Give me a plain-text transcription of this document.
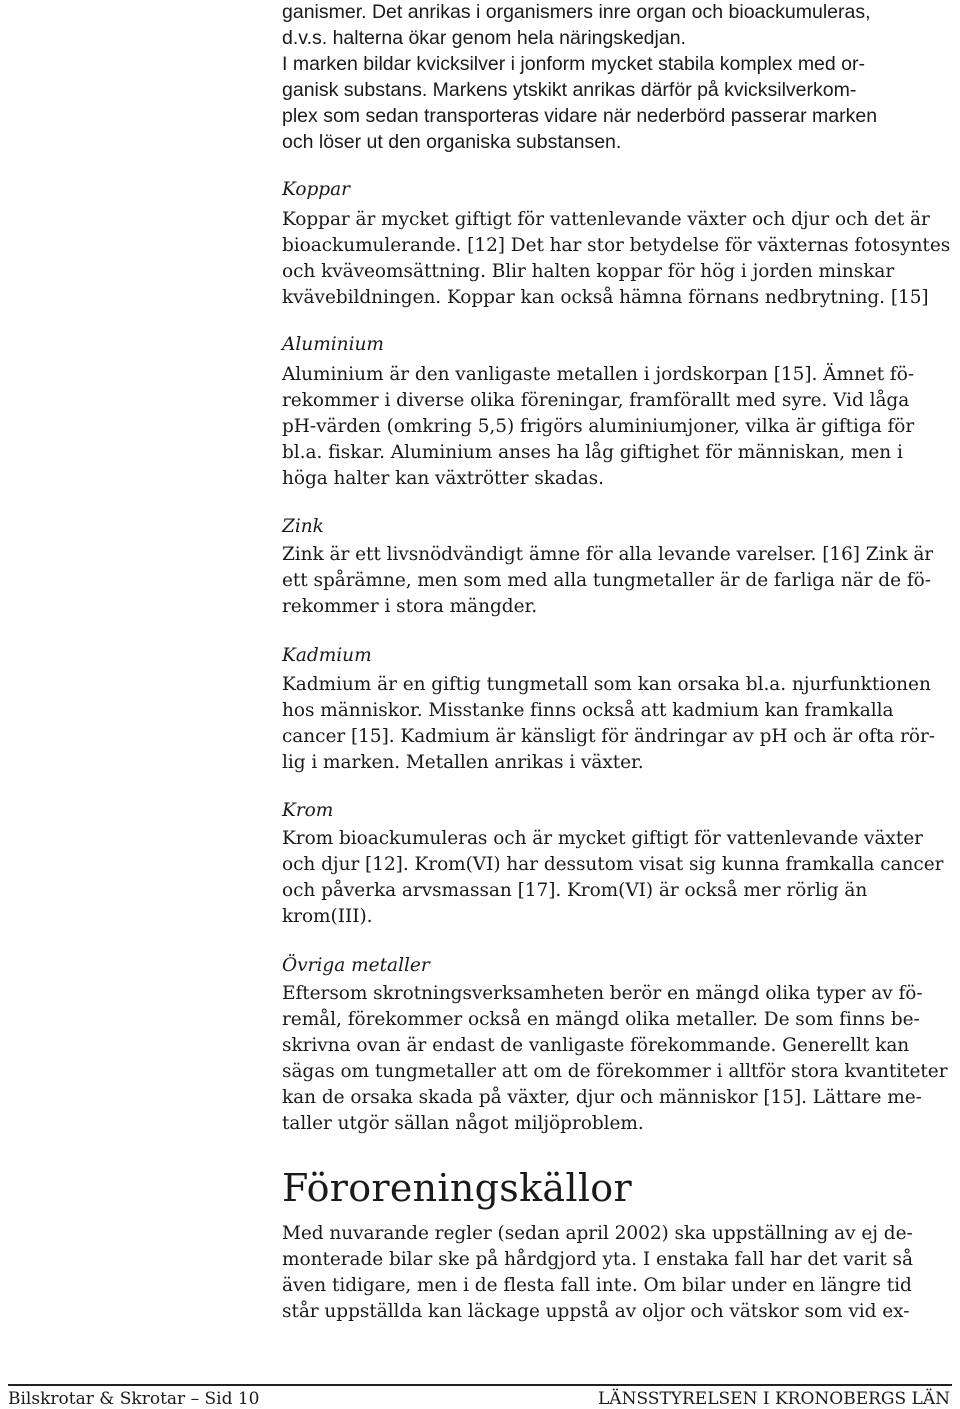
ganismer. Det anrikas i organismers inre organ och bioackumuleras,
d.v.s. halterna ökar genom hela näringskedjan.
I marken bildar kvicksilver i jonform mycket stabila komplex med or-
ganisk substans. Markens ytskikt anrikas därför på kvicksilverkom-
plex som sedan transporteras vidare när nederbörd passerar marken
och löser ut den organiska substansen.

Koppar

Koppar är mycket giftigt för vattenlevande växter och djur och det är
bioackumulerande. [12] Det har stor betydelse för växternas fotosyntes
och kväveomsättning. Blir halten koppar för hög i jorden minskar
kvävebildningen. Koppar kan också hämna förnans nedbrytning. [15]

Aluminium

Aluminium är den vanligaste metallen i jordskorpan [15]. Ämnet fö-
rekommer i diverse olika föreningar, framförallt med syre. Vid låga
pH-värden (omkring 5,5) frigörs aluminiumjoner, vilka är giftiga för
bl.a. fiskar. Aluminium anses ha låg giftighet för människan, men i
höga halter kan växtrötter skadas.

Zink

Zink är ett livsnödvändigt ämne för alla levande varelser. [16] Zink är
ett spårämne, men som med alla tungmetaller är de farliga när de fö-
rekommer i stora mängder.

Kadmium

Kadmium är en giftig tungmetall som kan orsaka bl.a. njurfunktionen
hos människor. Misstanke finns också att kadmium kan framkalla
cancer [15]. Kadmium är känsligt för ändringar av pH och är ofta rör-
lig i marken. Metallen anrikas i växter.

Krom

Krom bioackumuleras och är mycket giftigt för vattenlevande växter
och djur [12]. Krom(VI) har dessutom visat sig kunna framkalla cancer
och påverka arvsmassan [17]. Krom(VI) är också mer rörlig än
krom(III).

Övriga metaller

Eftersom skrotningsverksamheten berör en mängd olika typer av fö-
remål, förekommer också en mängd olika metaller. De som finns be-
skrivna ovan är endast de vanligaste förekommande. Generellt kan
sägas om tungmetaller att om de förekommer i alltför stora kvantiteter
kan de orsaka skada på växter, djur och människor [15]. Lättare me-
taller utgör sällan något miljöproblem.

Föroreningskällor

Med nuvarande regler (sedan april 2002) ska uppställning av ej de-
monterade bilar ske på hårdgjord yta. I enstaka fall har det varit så
även tidigare, men i de flesta fall inte. Om bilar under en längre tid
står uppställda kan läckage uppstå av oljor och vätskor som vid ex-

Bilskrotar & Skrotar – Sid 10	LÄNSSTYRELSEN I KRONOBERGS LÄN
